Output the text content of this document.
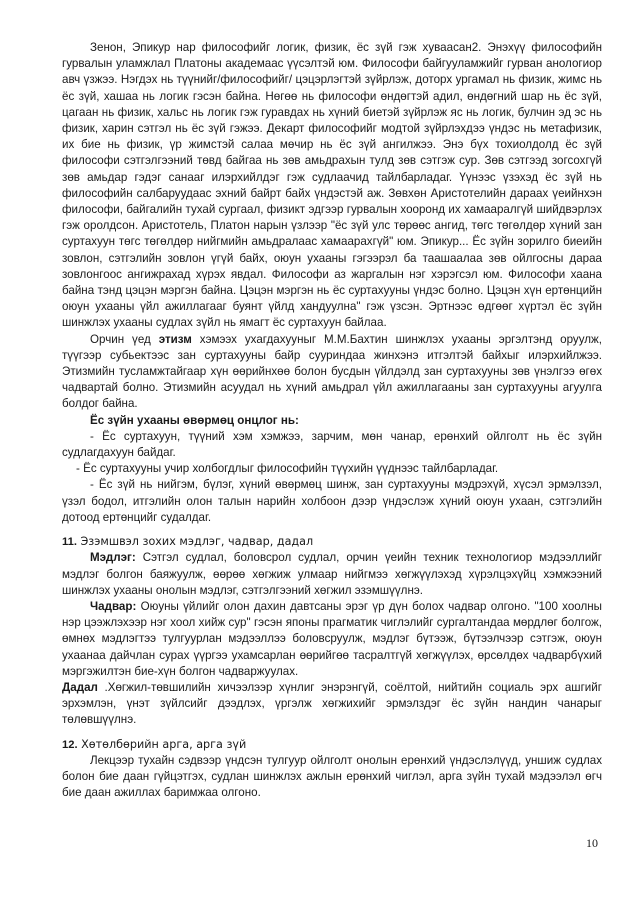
Зенон, Эпикур нар философийг логик, физик, ёс зүй гэж хуваасан2. Энэхүү философийн гурвалын уламжлал Платоны академаас үүсэлтэй юм. Философи байгууламжийг гурван анологиор авч үзжээ. Нэгдэх нь түүнийг/философийг/ цэцэрлэгтэй зүйрлэж, доторх ургамал нь физик, жимс нь ёс зүй, хашаа нь логик гэсэн байна. Нөгөө нь философи өндөгтэй адил, өндөгний шар нь ёс зүй, цагаан нь физик, хальс нь логик гэж гуравдах нь хүний биетэй зүйрлэж яс нь логик, булчин эд эс нь физик, харин сэтгэл нь ёс зүй гэжээ. Декарт философийг модтой зүйрлэхдээ үндэс нь метафизик, их бие нь физик, үр жимстэй салаа мөчир нь ёс зүй ангилжээ. Энэ бүх тохиолдолд ёс зүй философи сэтгэлгээний төвд байгаа нь зөв амьдрахын тулд зөв сэтгэж сур. Зөв сэтгээд зогсохгүй зөв амьдар гэдэг санааг илэрхийлдэг гэж судлаачид тайлбарладаг. Үүнээс үзэхэд ёс зүй нь философийн салбаруудаас эхний байрт байх үндэстэй аж. Зөвхөн Аристотелийн дараах үеийнхэн философи, байгалийн тухай сургаал, физикт эдгээр гурвалын хооронд их хамааралгүй шийдвэрлэх гэж оролдсон. Аристотель, Платон нарын үзлээр "ёс зүй улс төрөөс ангид, төгс төгөлдөр хүний зан суртахуун төгс төгөлдөр нийгмийн амьдралаас хамаарахгүй" юм. Эпикур... Ёс зүйн зорилго биеийн зовлон, сэтгэлийн зовлон үгүй байх, оюун ухааны гэгээрэл ба таашаалаа зөв ойлгосны дараа зовлонгоос ангижрахад хүрэх явдал. Философи аз жаргалын нэг хэрэгсэл юм. Философи хаана байна тэнд цэцэн мэргэн байна. Цэцэн мэргэн нь ёс суртахууны үндэс болно. Цэцэн хүн ертөнцийн оюун ухааны үйл ажиллагааг буянт үйлд хандуулна" гэж үзсэн. Эртнээс өдгөөг хүртэл ёс зүйн шинжлэх ухааны судлах зүйл нь ямагт ёс суртахуун байлаа.

Орчин үед этизм хэмээх ухагдахууныг М.М.Бахтин шинжлэх ухааны эргэлтэнд оруулж, түүгээр субьектээс зан суртахууны байр сууриндаа жинхэнэ итгэлтэй байхыг илэрхийлжээ. Этизмийн тусламжтайгаар хүн өөрийнхөө болон бусдын үйлдэлд зан суртахууны зөв үнэлгээ өгөх чадвартай болно. Этизмийн асуудал нь хүний амьдрал үйл ажиллагааны зан суртахууны агуулга болдог байна.

Ёс зүйн ухааны өвөрмөц онцлог нь:

- Ёс суртахуун, түүний хэм хэмжээ, зарчим, мөн чанар, ерөнхий ойлголт нь ёс зүйн судлагдахуун байдаг.

- Ёс суртахууны учир холбогдлыг философийн түүхийн үүднээс тайлбарладаг.

- Ёс зүй нь нийгэм, бүлэг, хүний өвөрмөц шинж, зан суртахууны мэдрэхүй, хүсэл эрмэлзэл, үзэл бодол, итгэлийн олон талын нарийн холбоон дээр үндэслэж хүний оюун ухаан, сэтгэлийн дотоод ертөнцийг судалдаг.

11. Эзэмшвэл зохих мэдлэг, чадвар, дадал

Мэдлэг: Сэтгэл судлал, боловсрол судлал, орчин үеийн техник технологиор мэдээллийг мэдлэг болгон баяжуулж, өөрөө хөгжиж улмаар нийгмээ хөгжүүлэхэд хүрэлцэхүйц хэмжээний шинжлэх ухааны онолын мэдлэг, сэтгэлгээний хөгжил эзэмшүүлнэ.

Чадвар: Оюуны үйлийг олон дахин давтсаны эрэг үр дүн болох чадвар олгоно. "100 хоолны нэр цээжлэхээр нэг хоол хийж сур" гэсэн японы прагматик чиглэлийг сургалтандаа мөрдлөг болгож, өмнөх мэдлэгтээ тулгуурлан мэдээллээ боловсруулж, мэдлэг бүтээж, бүтээлчээр сэтгэж, оюун ухаанаа дайчлан сурах үүргээ ухамсарлан өөрийгөө тасралтгүй хөгжүүлэх, өрсөлдөх чадварбүхий мэргэжилтэн бие-хүн болгон чадваржуулах.

Дадал .Хөгжил-төвшилийн хичээлээр хүнлиг энэрэнгүй, соёлтой, нийтийн социаль эрх ашгийг эрхэмлэн, үнэт зүйлсийг дээдлэх, үргэлж хөгжихийг эрмэлздэг ёс зүйн нандин чанарыг төлөвшүүлнэ.

12. Хөтөлбөрийн арга, арга зүй

Лекцээр тухайн сэдвээр үндсэн тулгуур ойлголт онолын ерөнхий үндэслэлүүд, уншиж судлах болон бие даан гүйцэтгэх, судлан шинжлэх ажлын ерөнхий чиглэл, арга зүйн тухай мэдээлэл өгч бие даан ажиллах баримжаа олгоно.

10
